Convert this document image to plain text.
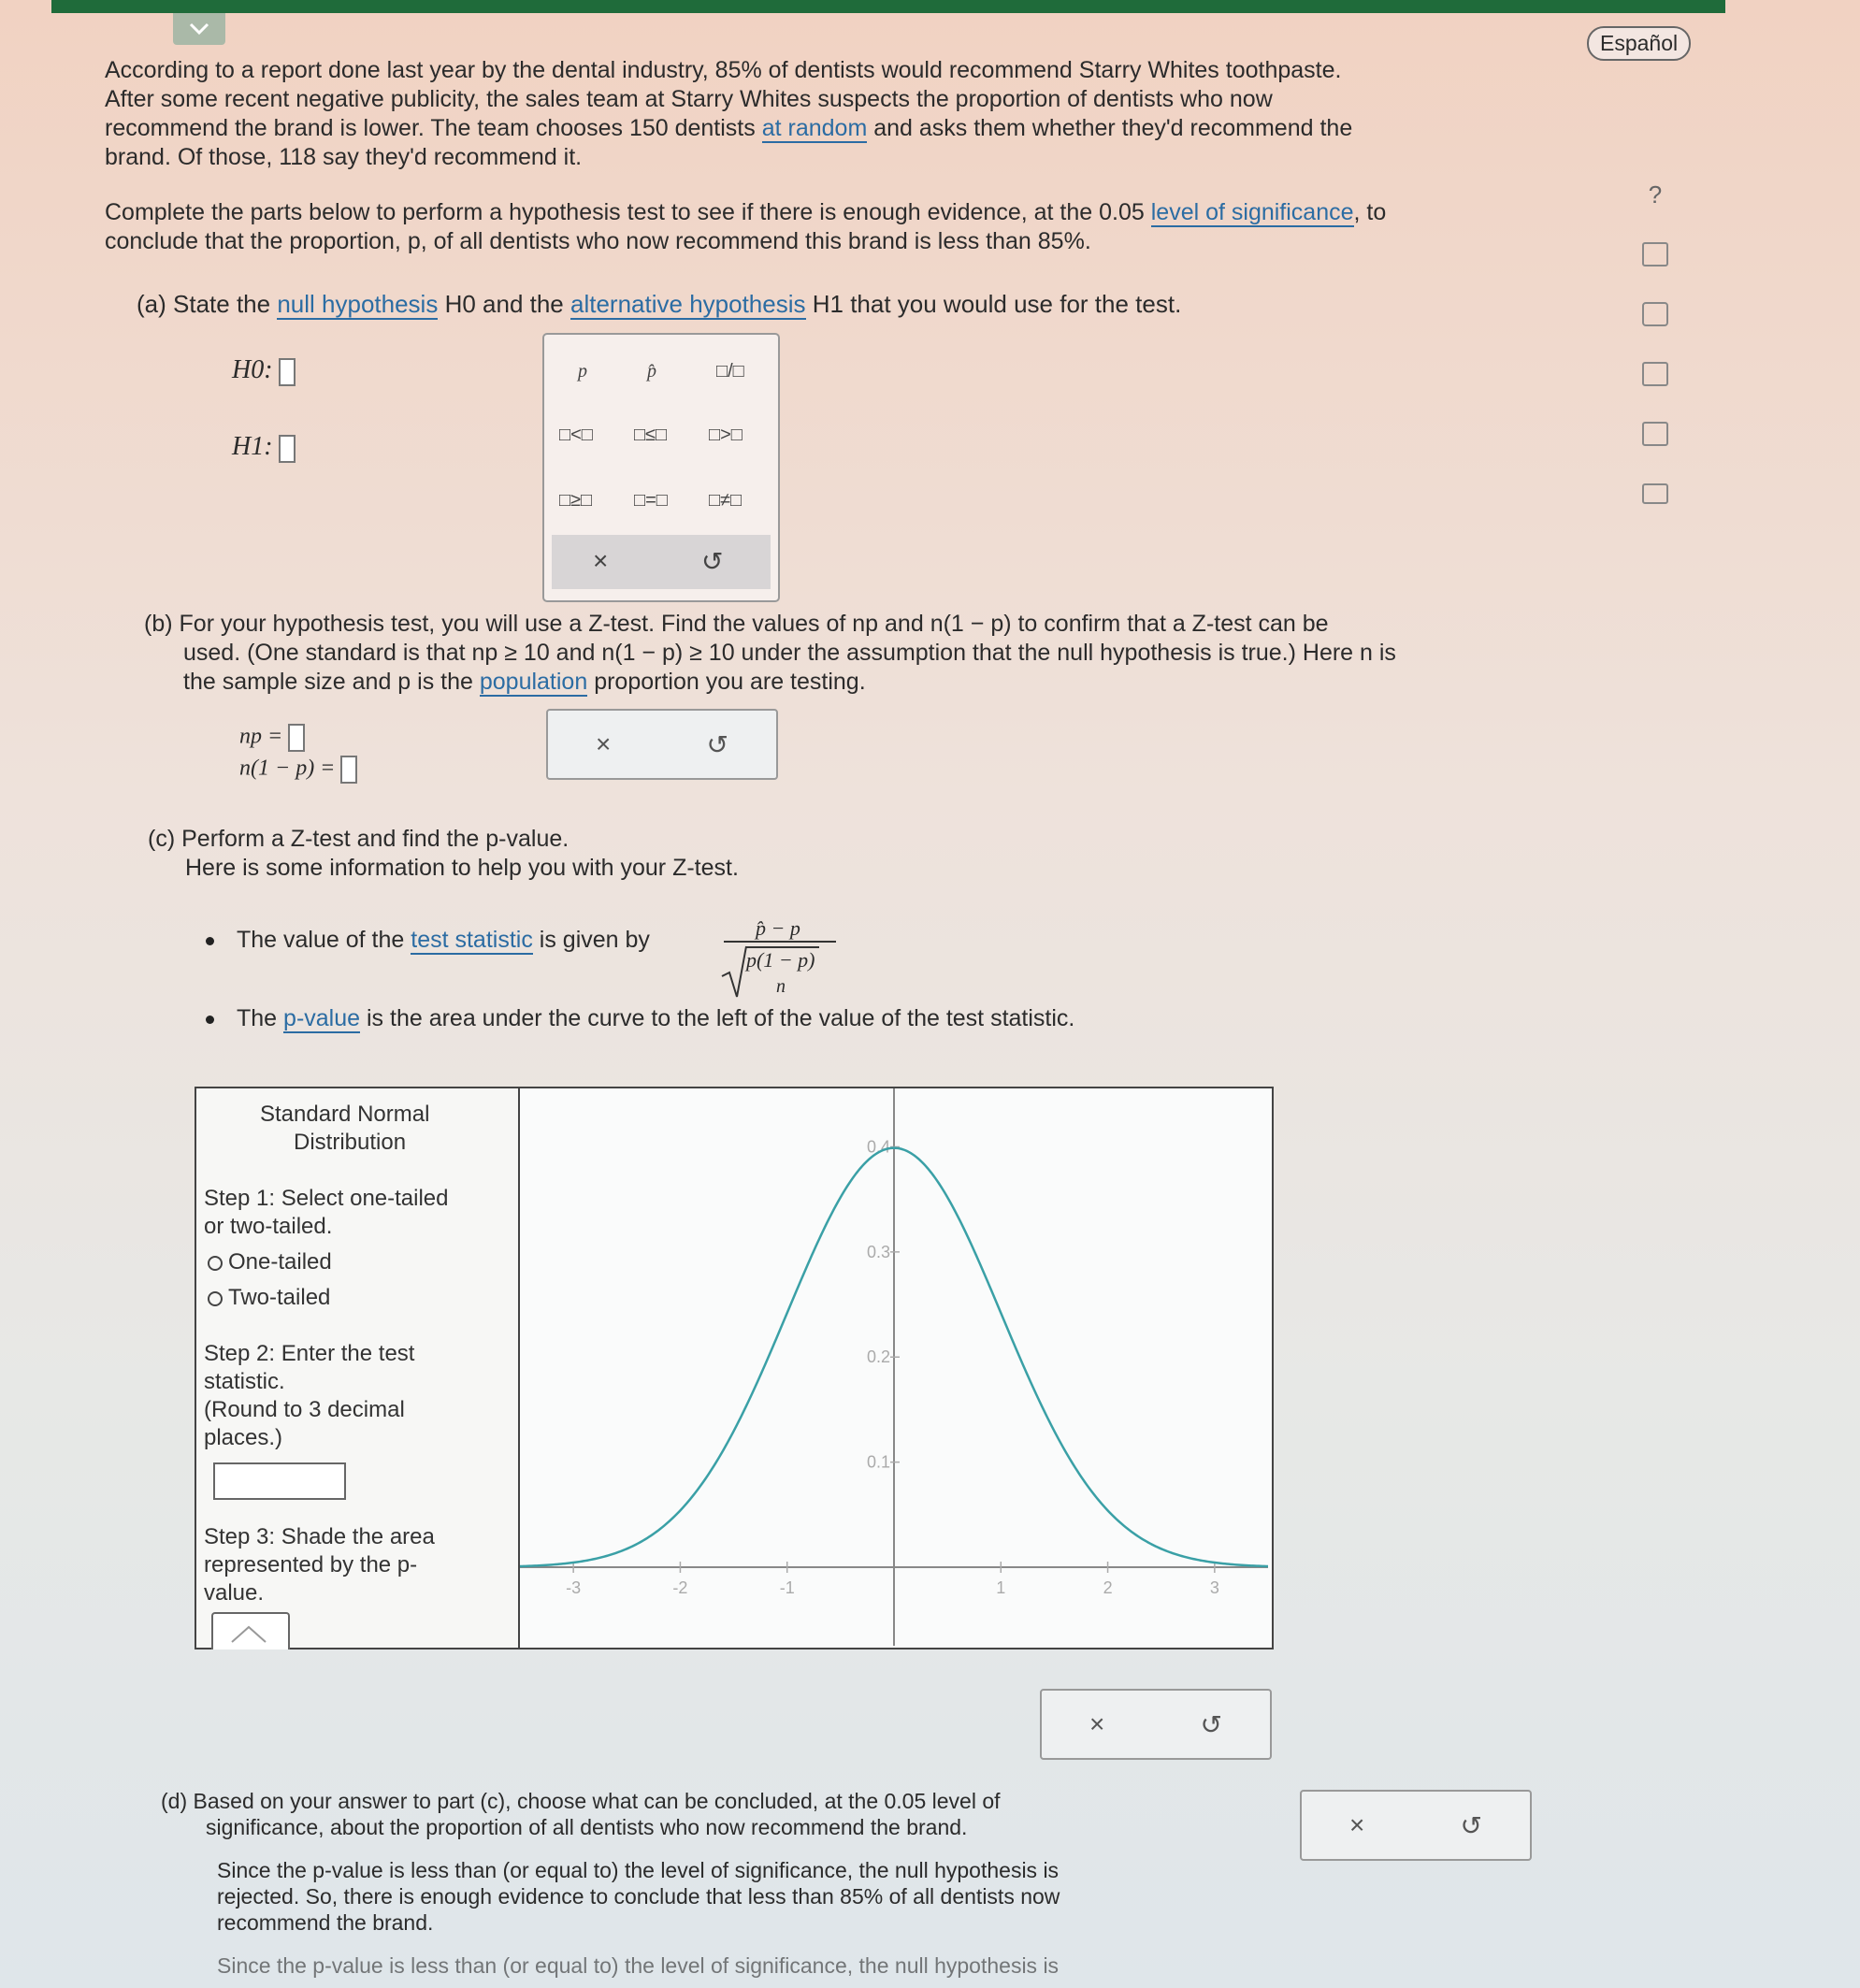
Español
?

According to a report done last year by the dental industry, 85% of dentists would recommend Starry Whites toothpaste.

After some recent negative publicity, the sales team at Starry Whites suspects the proportion of dentists who now

recommend the brand is lower. The team chooses 150 dentists at random and asks them whether they'd recommend the

brand. Of those, 118 say they'd recommend it.

Complete the parts below to perform a hypothesis test to see if there is enough evidence, at the 0.05 level of significance, to

conclude that the proportion, p, of all dentists who now recommend this brand is less than 85%.

(a) State the null hypothesis H0 and the alternative hypothesis H1 that you would use for the test.
H0:
H1:
p	p̂	□/□
□<□ □≤□ □>□
□≥□ □=□ □≠□
×	↺

(b) For your hypothesis test, you will use a Z-test. Find the values of np and n(1 − p) to confirm that a Z-test can be

used. (One standard is that np ≥ 10 and n(1 − p) ≥ 10 under the assumption that the null hypothesis is true.) Here n is

the sample size and p is the population proportion you are testing.

np =
n(1 − p) =
×	↺

(c) Perform a Z-test and find the p-value.

Here is some information to help you with your Z-test.

The value of the test statistic is given by	p̂ − p
p(1 − p)
n
The p-value is the area under the curve to the left of the value of the test statistic.
Standard Normal
Distribution
Step 1: Select one-tailed
or two-tailed.
One-tailed
Two-tailed
Step 2: Enter the test
statistic.
(Round to 3 decimal
places.)
Step 3: Shade the area
represented by the p-
value.	-3	-2	-1	1	2	3
0.1
0.2
0.3
0.4
×	↺

(d) Based on your answer to part (c), choose what can be concluded, at the 0.05 level of

significance, about the proportion of all dentists who now recommend the brand.

Since the p-value is less than (or equal to) the level of significance, the null hypothesis is

rejected. So, there is enough evidence to conclude that less than 85% of all dentists now

recommend the brand.

Since the p-value is less than (or equal to) the level of significance, the null hypothesis is

×	↺
